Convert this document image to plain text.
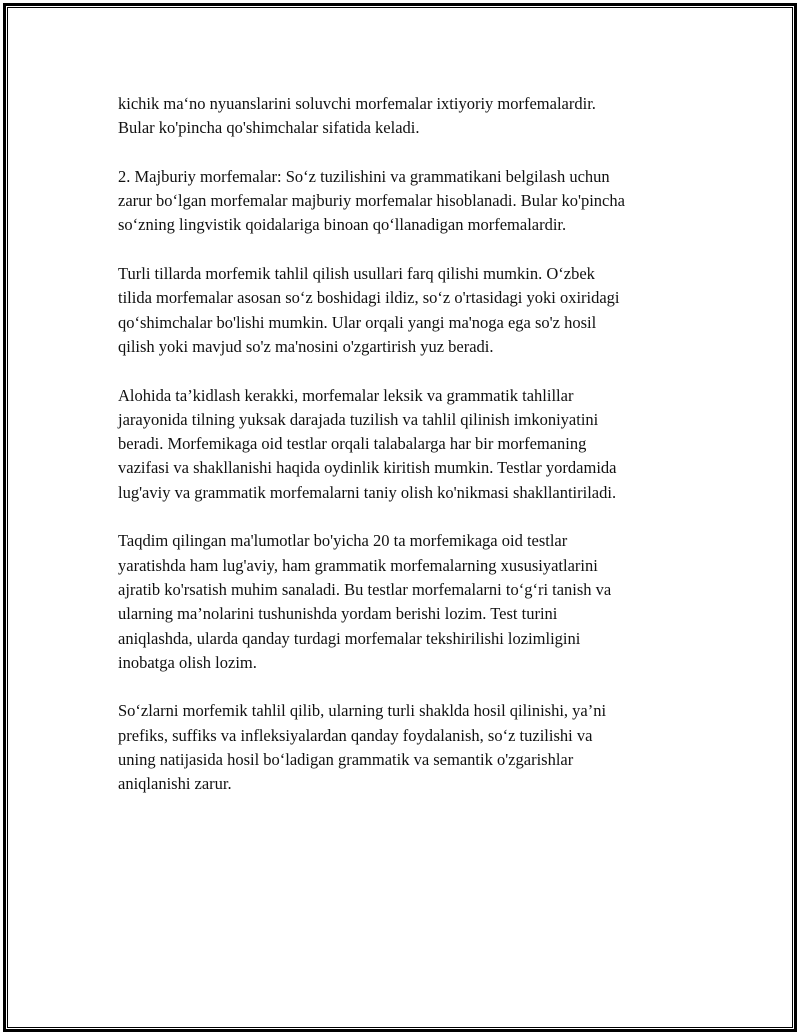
kichik ma‘no nyuanslarini soluvchi morfemalar ixtiyoriy morfemalardir.
Bular ko'pincha qo'shimchalar sifatida keladi.

2. Majburiy morfemalar: So‘z tuzilishini va grammatikani belgilash uchun
zarur bo‘lgan morfemalar majburiy morfemalar hisoblanadi. Bular ko'pincha
so‘zning lingvistik qoidalariga binoan qo‘llanadigan morfemalardir.

Turli tillarda morfemik tahlil qilish usullari farq qilishi mumkin. O‘zbek
tilida morfemalar asosan so‘z boshidagi ildiz, so‘z o'rtasidagi yoki oxiridagi
qo‘shimchalar bo'lishi mumkin. Ular orqali yangi ma'noga ega so'z hosil
qilish yoki mavjud so'z ma'nosini o'zgartirish yuz beradi.

Alohida ta’kidlash kerakki, morfemalar leksik va grammatik tahlillar
jarayonida tilning yuksak darajada tuzilish va tahlil qilinish imkoniyatini
beradi. Morfemikaga oid testlar orqali talabalarga har bir morfemaning
vazifasi va shakllanishi haqida oydinlik kiritish mumkin. Testlar yordamida
lug'aviy va grammatik morfemalarni taniy olish ko'nikmasi shakllantiriladi.

Taqdim qilingan ma'lumotlar bo'yicha 20 ta morfemikaga oid testlar
yaratishda ham lug'aviy, ham grammatik morfemalarning xususiyatlarini
ajratib ko'rsatish muhim sanaladi. Bu testlar morfemalarni to‘g‘ri tanish va
ularning ma’nolarini tushunishda yordam berishi lozim. Test turini
aniqlashda, ularda qanday turdagi morfemalar tekshirilishi lozimligini
inobatga olish lozim.

So‘zlarni morfemik tahlil qilib, ularning turli shaklda hosil qilinishi, ya’ni
prefiks, suffiks va infleksiyalardan qanday foydalanish, so‘z tuzilishi va
uning natijasida hosil bo‘ladigan grammatik va semantik o'zgarishlar
aniqlanishi zarur.
